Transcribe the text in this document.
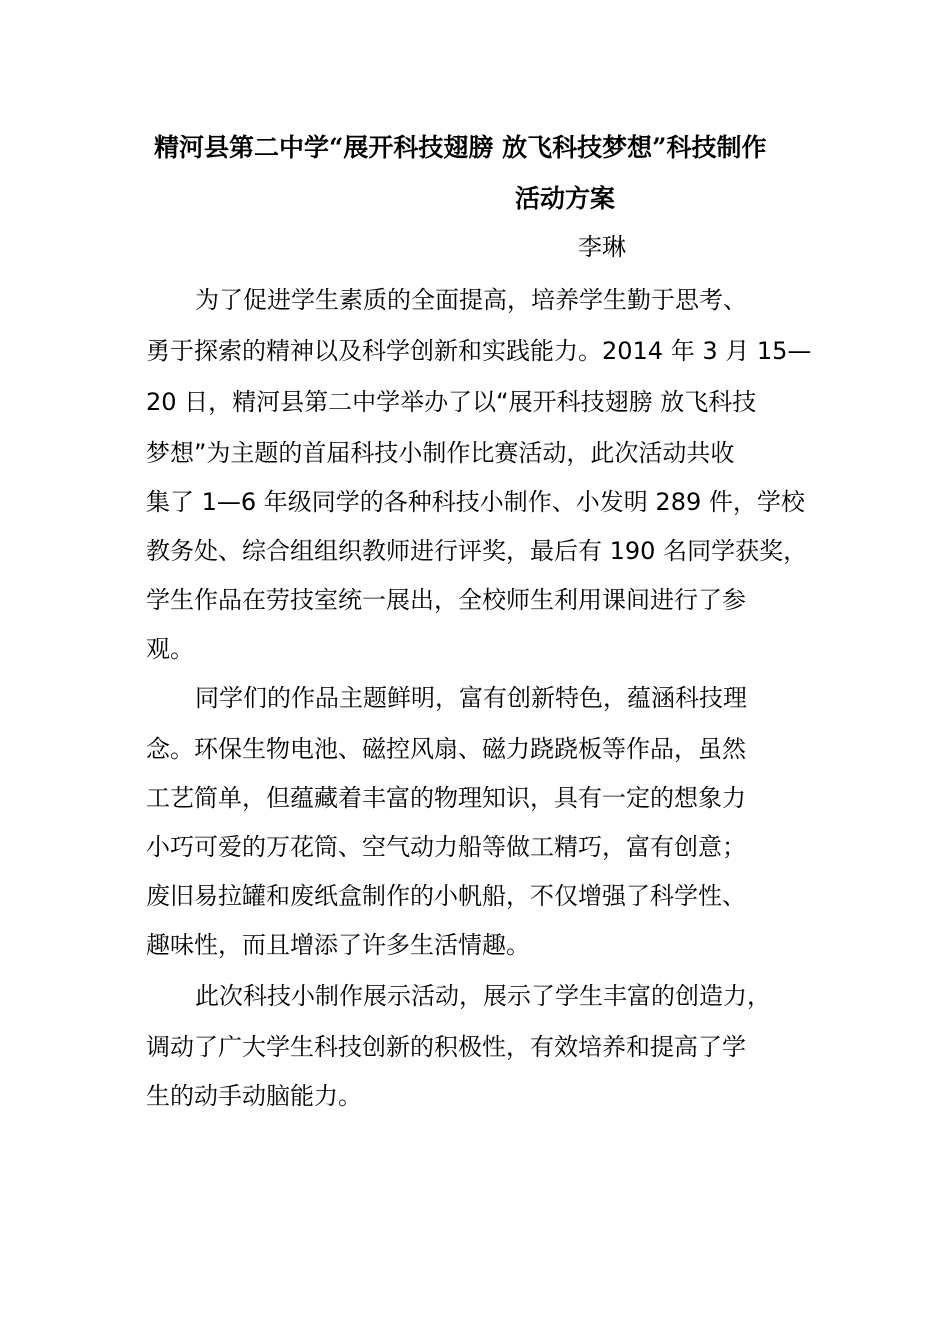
精河县第二中学“展开科技翅膀 放飞科技梦想”科技制作
活动方案
李琳
为了促进学生素质的全面提高，培养学生勤于思考、
勇于探索的精神以及科学创新和实践能力。2014 年 3 月 15—
20 日，精河县第二中学举办了以“展开科技翅膀 放飞科技
梦想”为主题的首届科技小制作比赛活动，此次活动共收
集了 1—6 年级同学的各种科技小制作、小发明 289 件，学校
教务处、综合组组织教师进行评奖，最后有 190 名同学获奖，
学生作品在劳技室统一展出，全校师生利用课间进行了参
观。
同学们的作品主题鲜明，富有创新特色，蕴涵科技理
念。环保生物电池、磁控风扇、磁力跷跷板等作品，虽然
工艺简单，但蕴藏着丰富的物理知识，具有一定的想象力
小巧可爱的万花筒、空气动力船等做工精巧，富有创意；
废旧易拉罐和废纸盒制作的小帆船，不仅增强了科学性、
趣味性，而且增添了许多生活情趣。
此次科技小制作展示活动，展示了学生丰富的创造力，
调动了广大学生科技创新的积极性，有效培养和提高了学
生的动手动脑能力。
